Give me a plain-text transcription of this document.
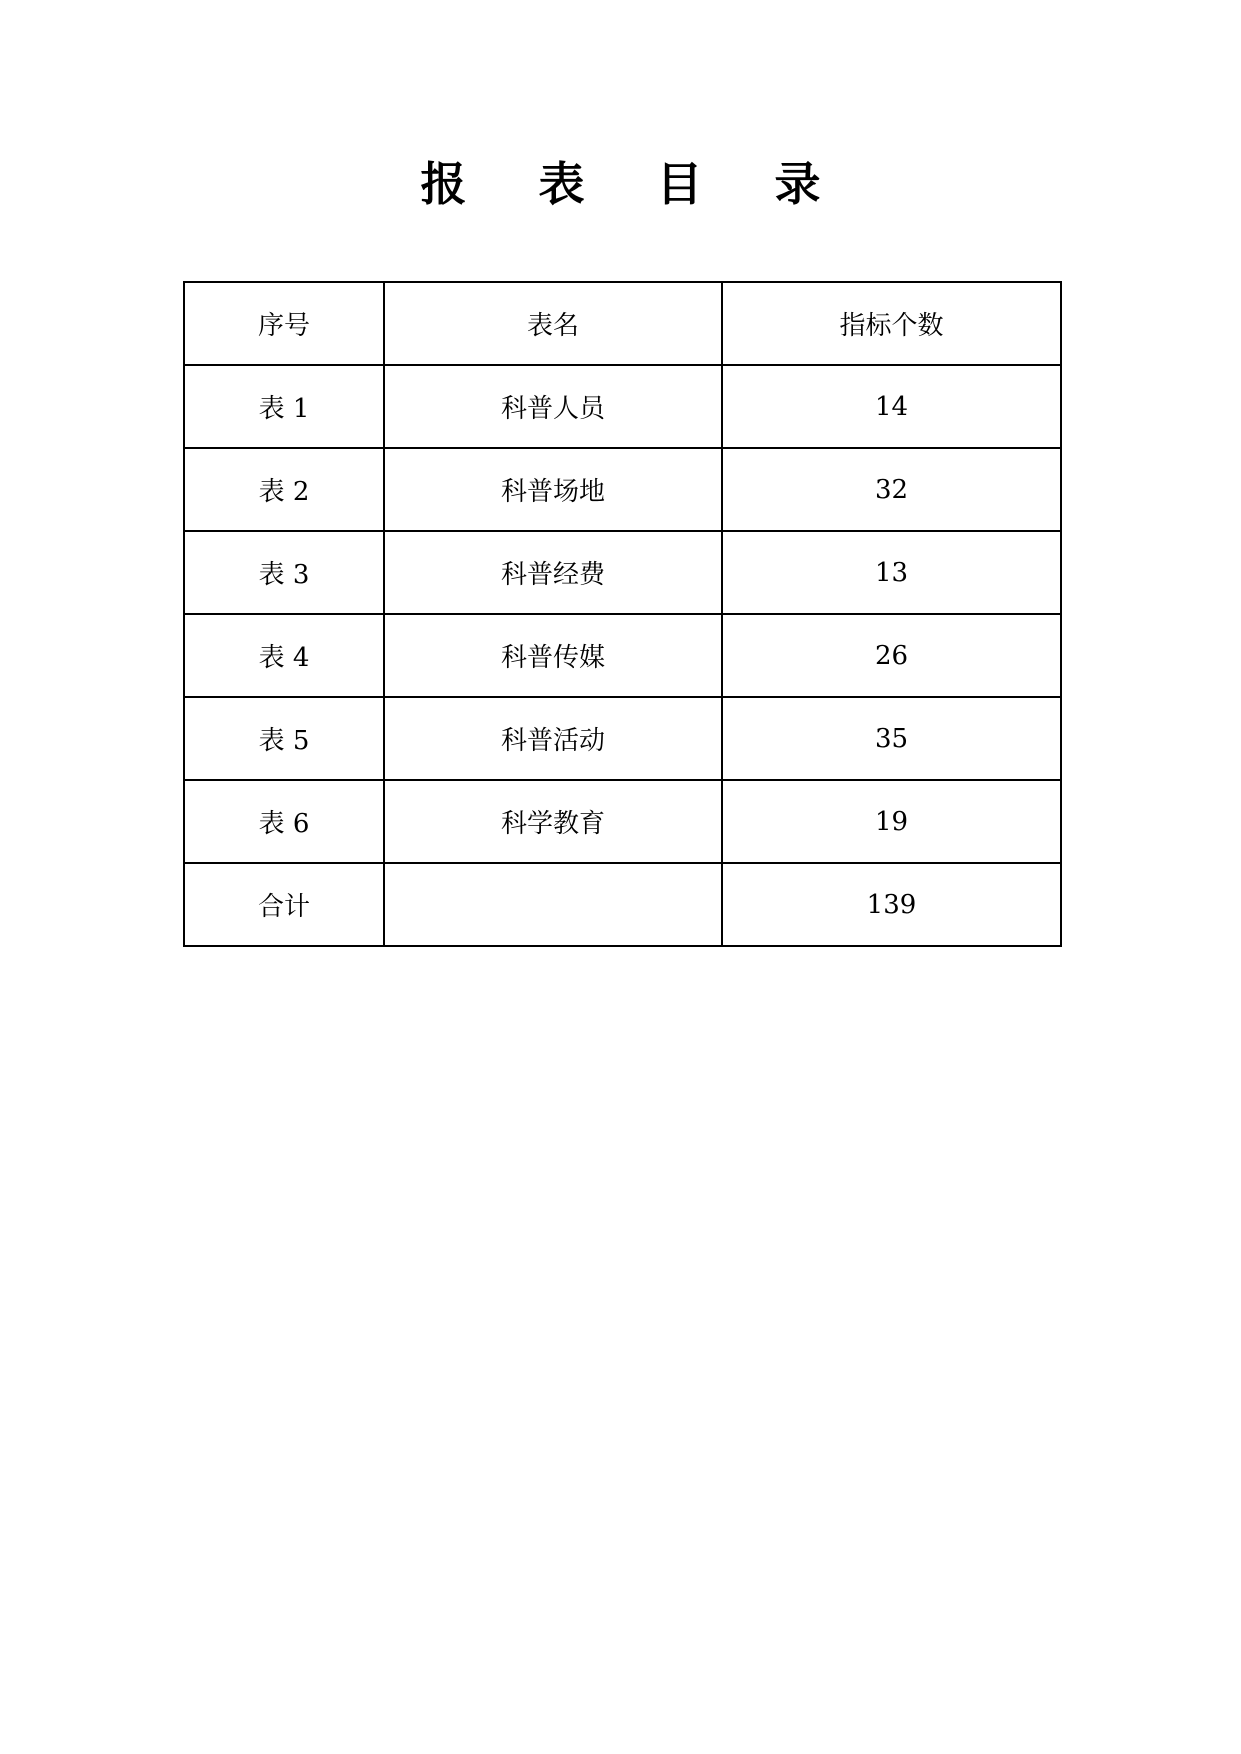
报 表 目 录
序号	表名	指标个数
表 1	科普人员	14
表 2	科普场地	32
表 3	科普经费	13
表 4	科普传媒	26
表 5	科普活动	35
表 6	科学教育	19
合计		139
